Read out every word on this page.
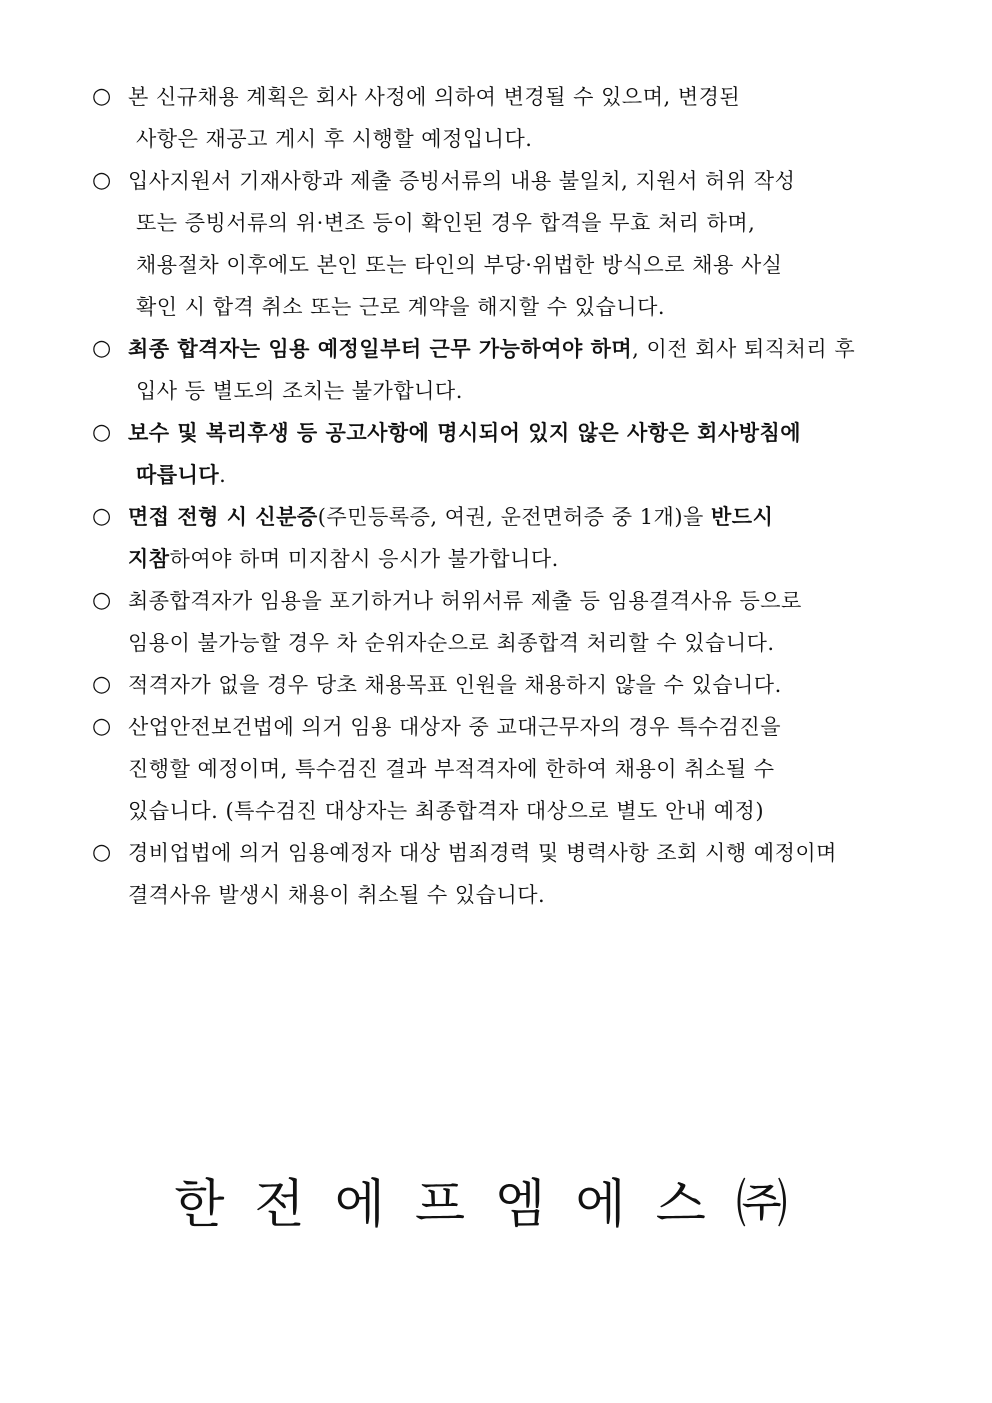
○ 본 신규채용 계획은 회사 사정에 의하여 변경될 수 있으며, 변경된
사항은 재공고 게시 후 시행할 예정입니다.
○ 입사지원서 기재사항과 제출 증빙서류의 내용 불일치, 지원서 허위 작성
또는 증빙서류의 위·변조 등이 확인된 경우 합격을 무효 처리 하며,
채용절차 이후에도 본인 또는 타인의 부당·위법한 방식으로 채용 사실
확인 시 합격 취소 또는 근로 계약을 해지할 수 있습니다.
○ 최종 합격자는 임용 예정일부터 근무 가능하여야 하며, 이전 회사 퇴직처리 후
입사 등 별도의 조치는 불가합니다.
○ 보수 및 복리후생 등 공고사항에 명시되어 있지 않은 사항은 회사방침에
따릅니다.
○ 면접 전형 시 신분증(주민등록증, 여권, 운전면허증 중 1개)을 반드시
지참하여야 하며 미지참시 응시가 불가합니다.
○ 최종합격자가 임용을 포기하거나 허위서류 제출 등 임용결격사유 등으로
임용이 불가능할 경우 차 순위자순으로 최종합격 처리할 수 있습니다.
○ 적격자가 없을 경우 당초 채용목표 인원을 채용하지 않을 수 있습니다.
○ 산업안전보건법에 의거 임용 대상자 중 교대근무자의 경우 특수검진을
진행할 예정이며, 특수검진 결과 부적격자에 한하여 채용이 취소될 수
있습니다. (특수검진 대상자는 최종합격자 대상으로 별도 안내 예정)
○ 경비업법에 의거 임용예정자 대상 범죄경력 및 병력사항 조회 시행 예정이며
결격사유 발생시 채용이 취소될 수 있습니다.
한전에프엠에스㈜
